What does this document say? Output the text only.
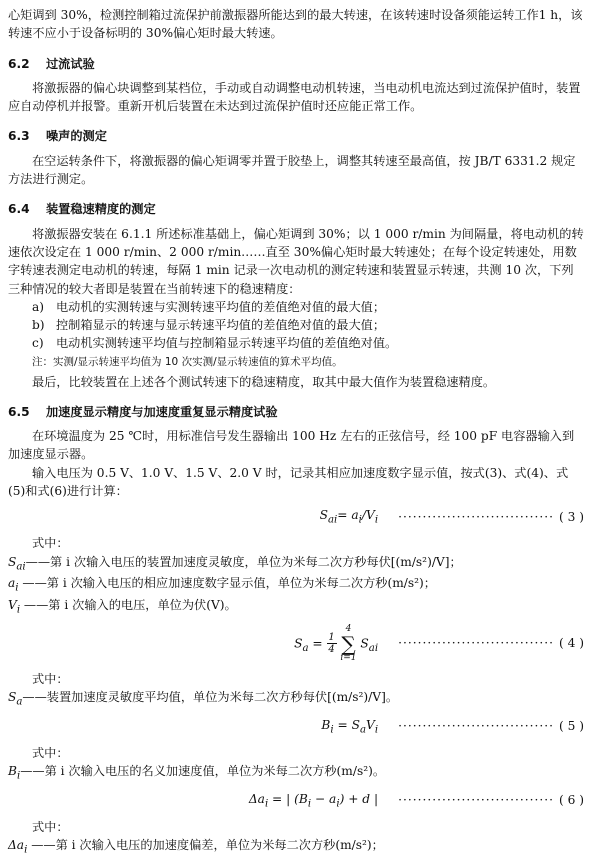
心矩调到 30%，检测控制箱过流保护前激振器所能达到的最大转速，在该转速时设备须能运转工作1 h，该转速不应小于设备标明的 30%偏心矩时最大转速。

6.2 过流试验

将激振器的偏心块调整到某档位，手动或自动调整电动机转速，当电动机电流达到过流保护值时，装置应自动停机并报警。重新开机后装置在未达到过流保护值时还应能正常工作。

6.3 噪声的测定

在空运转条件下，将激振器的偏心矩调零并置于胶垫上，调整其转速至最高值，按 JB/T 6331.2 规定方法进行测定。

6.4 装置稳速精度的测定

将激振器安装在 6.1.1 所述标准基础上，偏心矩调到 30%；以 1 000 r/min 为间隔量，将电动机的转速依次设定在 1 000 r/min、2 000 r/min……直至 30%偏心矩时最大转速处；在每个设定转速处，用数字转速表测定电动机的转速，每隔 1 min 记录一次电动机的测定转速和装置显示转速，共测 10 次，下列三种情况的较大者即是装置在当前转速下的稳速精度：

a) 电动机的实测转速与实测转速平均值的差值绝对值的最大值；
b) 控制箱显示的转速与显示转速平均值的差值绝对值的最大值；
c)	电动机实测转速平均值与控制箱显示转速平均值的差值绝对值。

注：实测/显示转速平均值为 10 次实测/显示转速值的算术平均值。

最后，比较装置在上述各个测试转速下的稳速精度，取其中最大值作为装置稳速精度。

6.5 加速度显示精度与加速度重复显示精度试验

在环境温度为 25 ℃时，用标准信号发生器输出 100 Hz 左右的正弦信号，经 100 pF 电容器输入到加速度显示器。

输入电压为 0.5 V、1.0 V、1.5 V、2.0 V 时，记录其相应加速度数字显示值，按式(3)、式(4)、式(5)和式(6)进行计算：

$S_{ai}= a_i/V_i$	································ ( 3 )

式中：

$S_{ai}——$第 i 次输入电压的装置加速度灵敏度，单位为米每二次方秒每伏[(m/s²)/V]；

$a_i$ ——第 i 次输入电压的相应加速度数字显示值，单位为米每二次方秒(m/s²)；

$V_i$ ——第 i 次输入的电压，单位为伏(V)。

$S_a = \frac{1}{4}$

4
∑
i=1
$S_{ai}$	································ ( 4 )

式中：

$S_a——$装置加速度灵敏度平均值，单位为米每二次方秒每伏[(m/s²)/V]。

$B_i = S_aV_i$	································ ( 5 )

式中：

$B_i——$第 i 次输入电压的名义加速度值，单位为米每二次方秒(m/s²)。

$\Delta a_i$ = | $(B_i - a_i) + d$ |	································ ( 6 )

式中：

$\Delta a_i$ ——第 i 次输入电压的加速度偏差，单位为米每二次方秒(m/s²)；
